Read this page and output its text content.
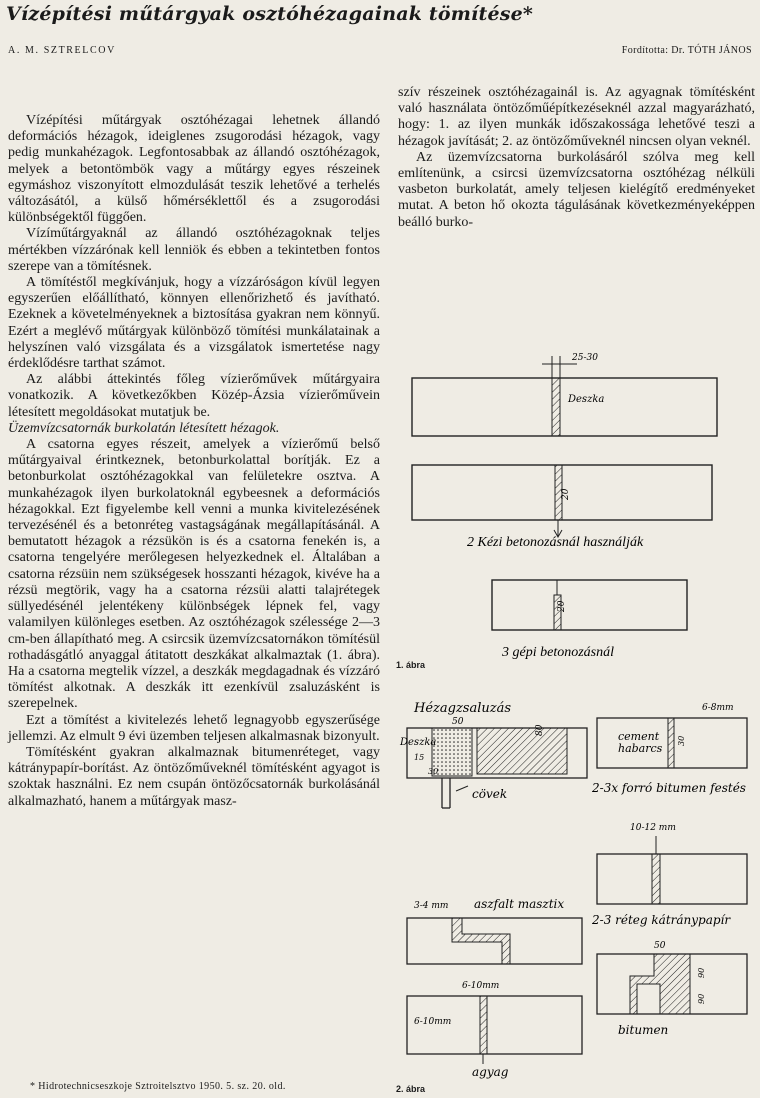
Vízépítési műtárgyak osztóhézagainak tömítése*
A. M. SZTRELCOV	Fordította: Dr. TÓTH JÁNOS

Vízépítési műtárgyak osztóhézagai lehetnek állandó deformációs hézagok, ideiglenes zsugorodási hézagok, vagy pedig munkahézagok. Legfontosabbak az állandó osztóhézagok, melyek a betontömbök vagy a műtárgy egyes részeinek egymáshoz viszonyított elmozdulását teszik lehetővé a terhelés változásától, a külső hőmérséklettől és a zsugorodási különbségektől függően.

Vízíműtárgyaknál az állandó osztóhézagoknak teljes mértékben vízzárónak kell lenniök és ebben a tekintetben fontos szerepe van a tömítésnek.

A tömítéstől megkívánjuk, hogy a vízzáróságon kívül legyen egyszerűen előállítható, könnyen ellenőrizhető és javítható. Ezeknek a követelményeknek a biztosítása gyakran nem könnyű. Ezért a meglévő műtárgyak különböző tömítési munkálatainak a helyszínen való vizsgálata és a vizsgálatok ismertetése nagy érdeklődésre tarthat számot.

Az alábbi áttekintés főleg vízierőművek műtárgyaira vonatkozik. A következőkben Közép-Ázsia vízierőművein létesített megoldásokat mutatjuk be.

Üzemvízcsatornák burkolatán létesített hézagok.

A csatorna egyes részeit, amelyek a vízierőmű belső műtárgyaival érintkeznek, betonburkolattal borítják. Ez a betonburkolat osztóhézagokkal van felületekre osztva. A munkahézagok ilyen burkolatoknál egybeesnek a deformációs hézagokkal. Ezt figyelembe kell venni a munka kivitelezésének tervezésénél és a betonréteg vastagságának megállapításánál. A bemutatott hézagok a rézsükön is és a csatorna fenekén is, a csatorna tengelyére merőlegesen helyezkednek el. Általában a csatorna rézsüin nem szükségesek hosszanti hézagok, kivéve ha a rézsü megtörik, vagy ha a csatorna rézsüi alatti talajrétegek süllyedésénél jelentékeny különbségek lépnek fel, vagy valamilyen különleges esetben. Az osztóhézagok szélessége 2—3 cm-ben állapítható meg. A csircsik üzemvízcsatornákon tömítésül rothadásgátló anyaggal átitatott deszkákat alkalmaztak (1. ábra). Ha a csatorna megtelik vízzel, a deszkák megdagadnak és vízzáró tömítést alkotnak. A deszkák itt ezenkívül zsaluzásként is szerepelnek.

Ezt a tömítést a kivitelezés lehető legnagyobb egyszerűsége jellemzi. Az elmult 9 évi üzemben teljesen alkalmasnak bizonyult.

Tömítésként gyakran alkalmaznak bitumenréteget, vagy kátránypapír-borítást. Az öntözőműveknél tömítésként agyagot is szoktak használni. Ez nem csupán öntözőcsatornák burkolásánál alkalmazható, hanem a műtárgyak masz-

szív részeinek osztóhézagainál is. Az agyagnak tömítésként való használata öntözőműépítkezéseknél azzal magyarázható, hogy: 1. az ilyen munkák időszakossága lehetővé teszi a hézagok javítását; 2. az öntözőműveknél nincsen olyan veknél.

Az üzemvízcsatorna burkolásáról szólva meg kell említenünk, a csircsi üzemvízcsatorna osztóhézag nélküli vasbeton burkolatát, amely teljesen kielégítő eredményeket mutat. A beton hő okozta tágulásának következményeképpen beálló burko-

25-30
Deszka
20
2 Kézi betonozásnál használják
20
3 gépi betonozásnál
1. ábra
Hézagzsaluzás
50
Deszka
80
15
30
cövek
6-8mm
cement
habarcs
30
2-3x forró bitumen festés
10-12 mm
2-3 réteg kátránypapír
3-4 mm aszfalt masztix
6-10mm
6-10mm
agyag
50
90
90
bitumen
2. ábra
* Hidrotechnicseszkoje Sztroitelsztvo 1950. 5. sz. 20. old.
